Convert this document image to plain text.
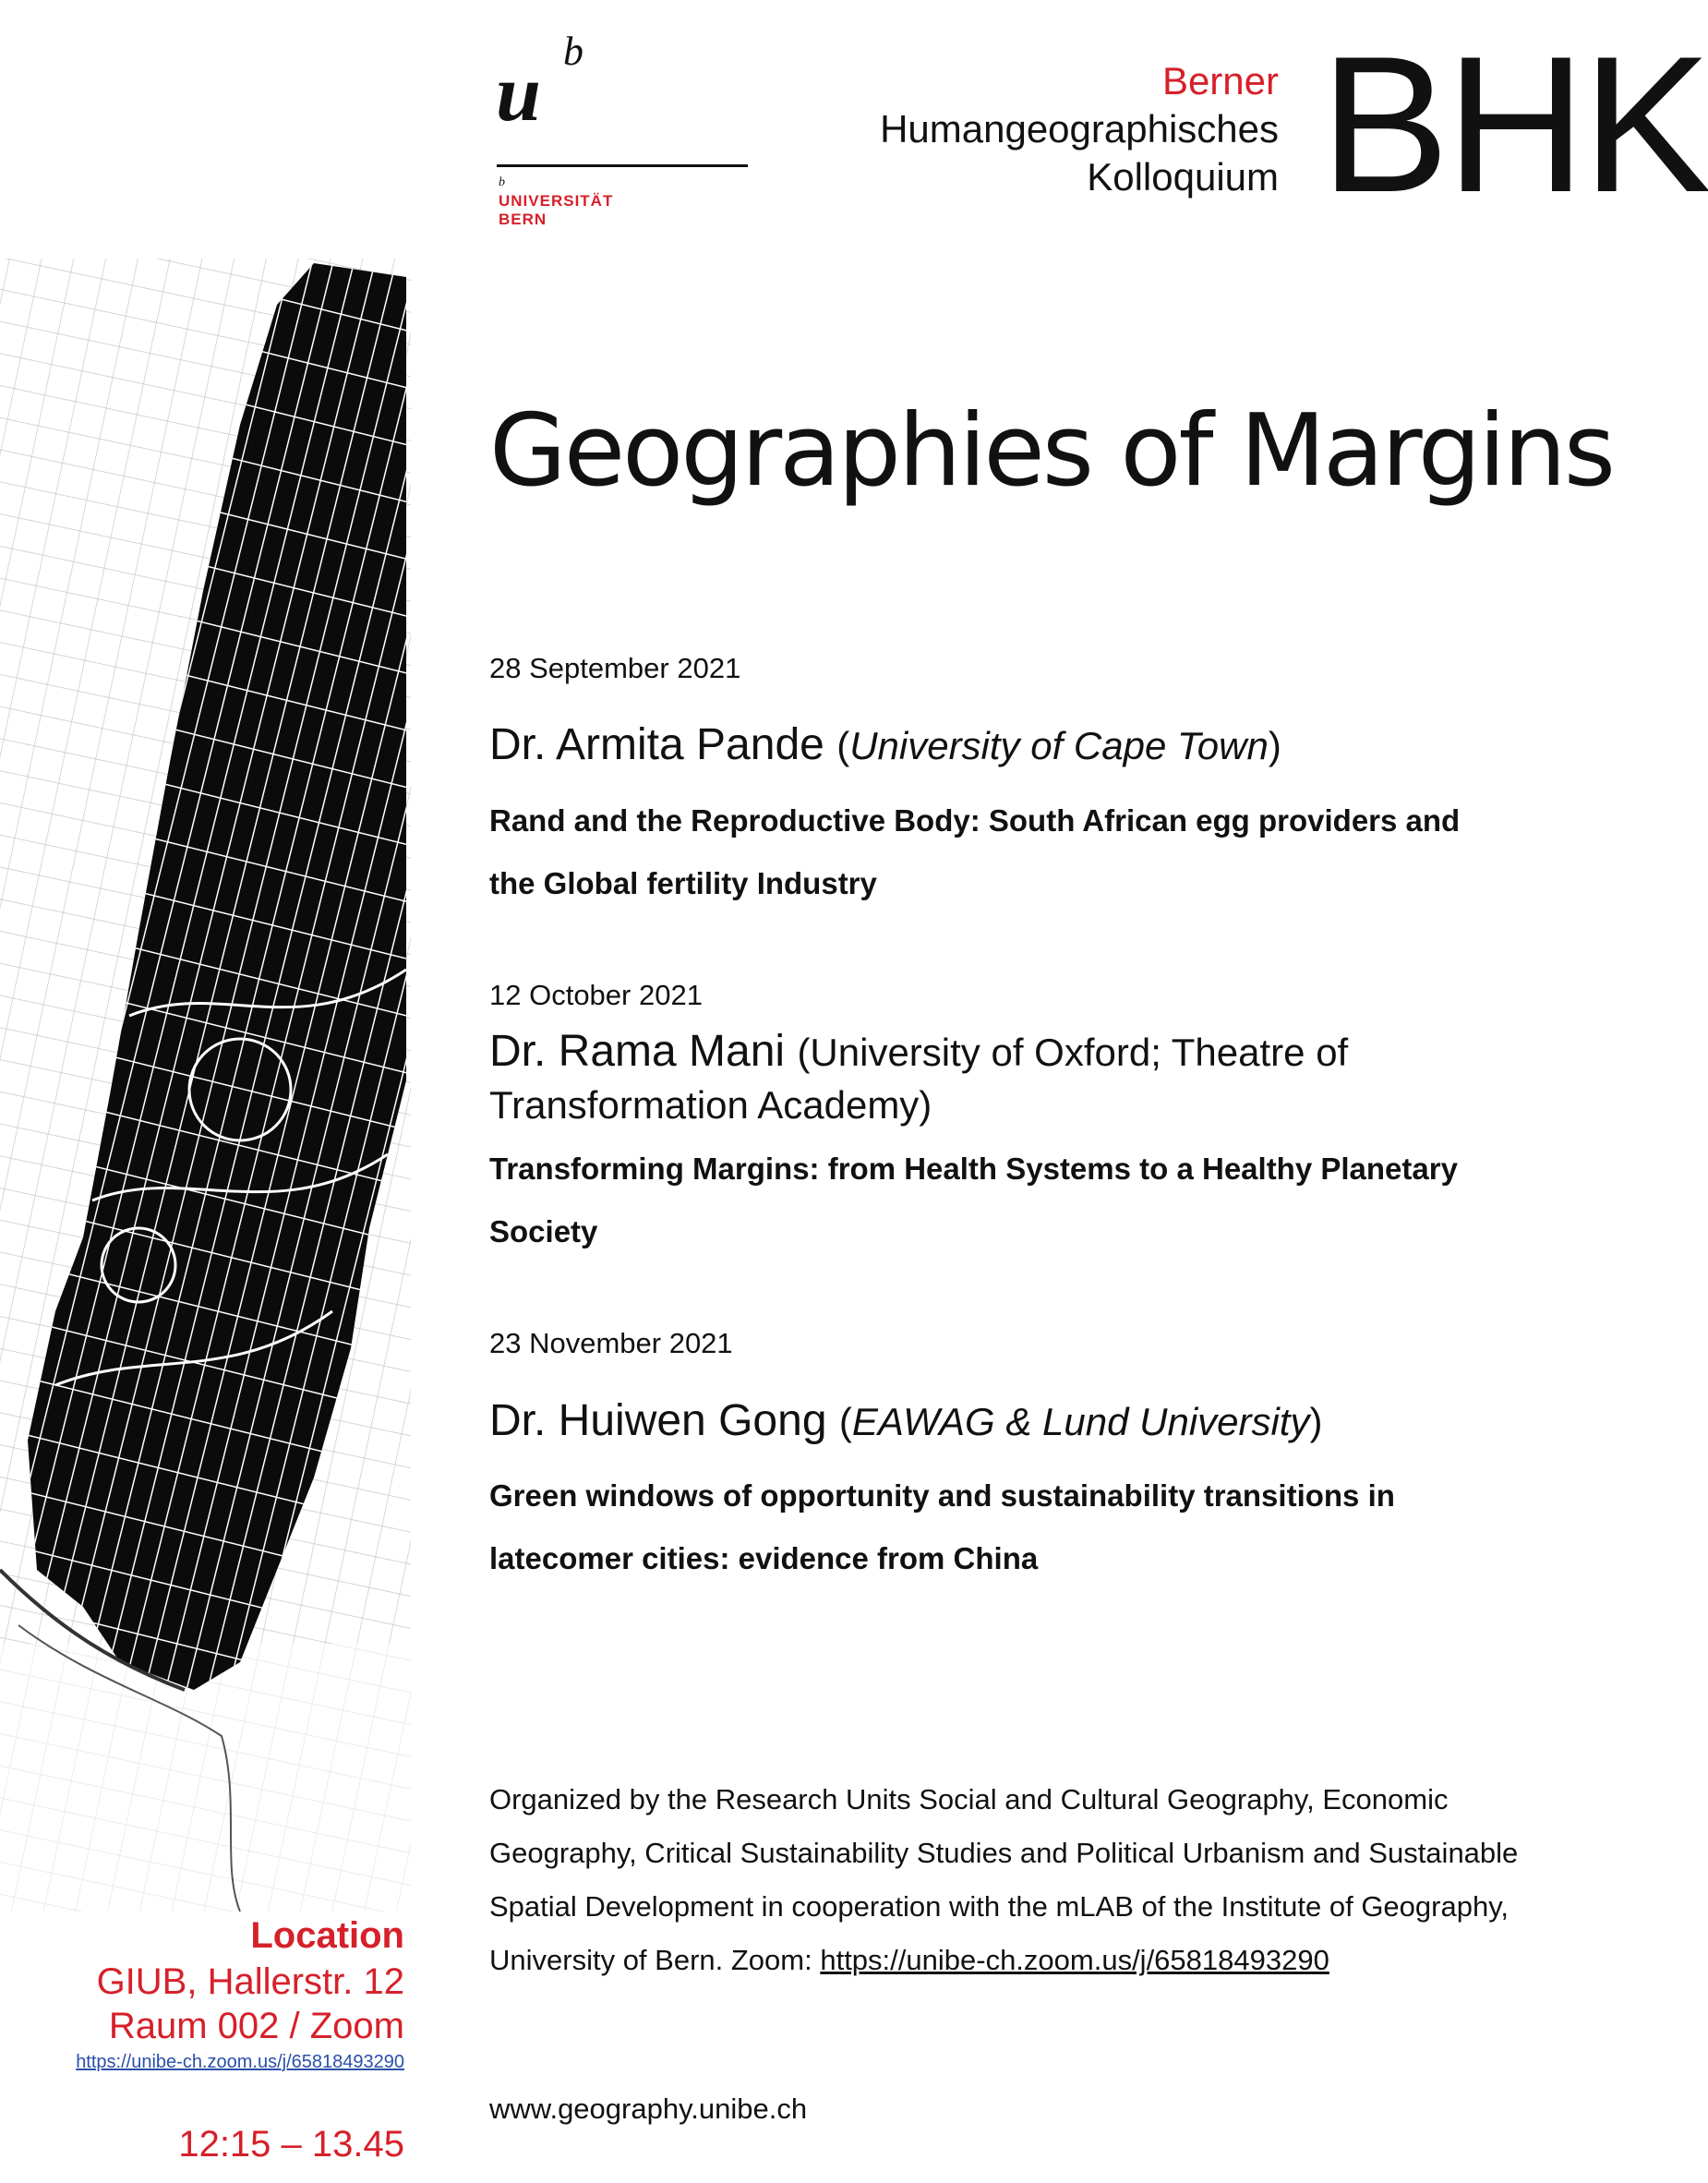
u b
b
UNIVERSITÄT
BERN
Berner
Humangeographisches
Kolloquium BHK
Geographies of Margins
28 September 2021
Dr. Armita Pande (University of Cape Town)
Rand and the Reproductive Body: South African egg providers and
the Global fertility Industry
12 October 2021
Dr. Rama Mani (University of Oxford; Theatre of
Transformation Academy)
Transforming Margins: from Health Systems to a Healthy Planetary
Society
23 November 2021
Dr. Huiwen Gong (EAWAG & Lund University)
Green windows of opportunity and sustainability transitions in
latecomer cities: evidence from China
Organized by the Research Units Social and Cultural Geography, Economic
Geography, Critical Sustainability Studies and Political Urbanism and Sustainable
Spatial Development in cooperation with the mLAB of the Institute of Geography,
University of Bern. Zoom: https://unibe-ch.zoom.us/j/65818493290
www.geography.unibe.ch
Location
GIUB, Hallerstr. 12
Raum 002 / Zoom
https://unibe-ch.zoom.us/j/65818493290
12:15 – 13.45
